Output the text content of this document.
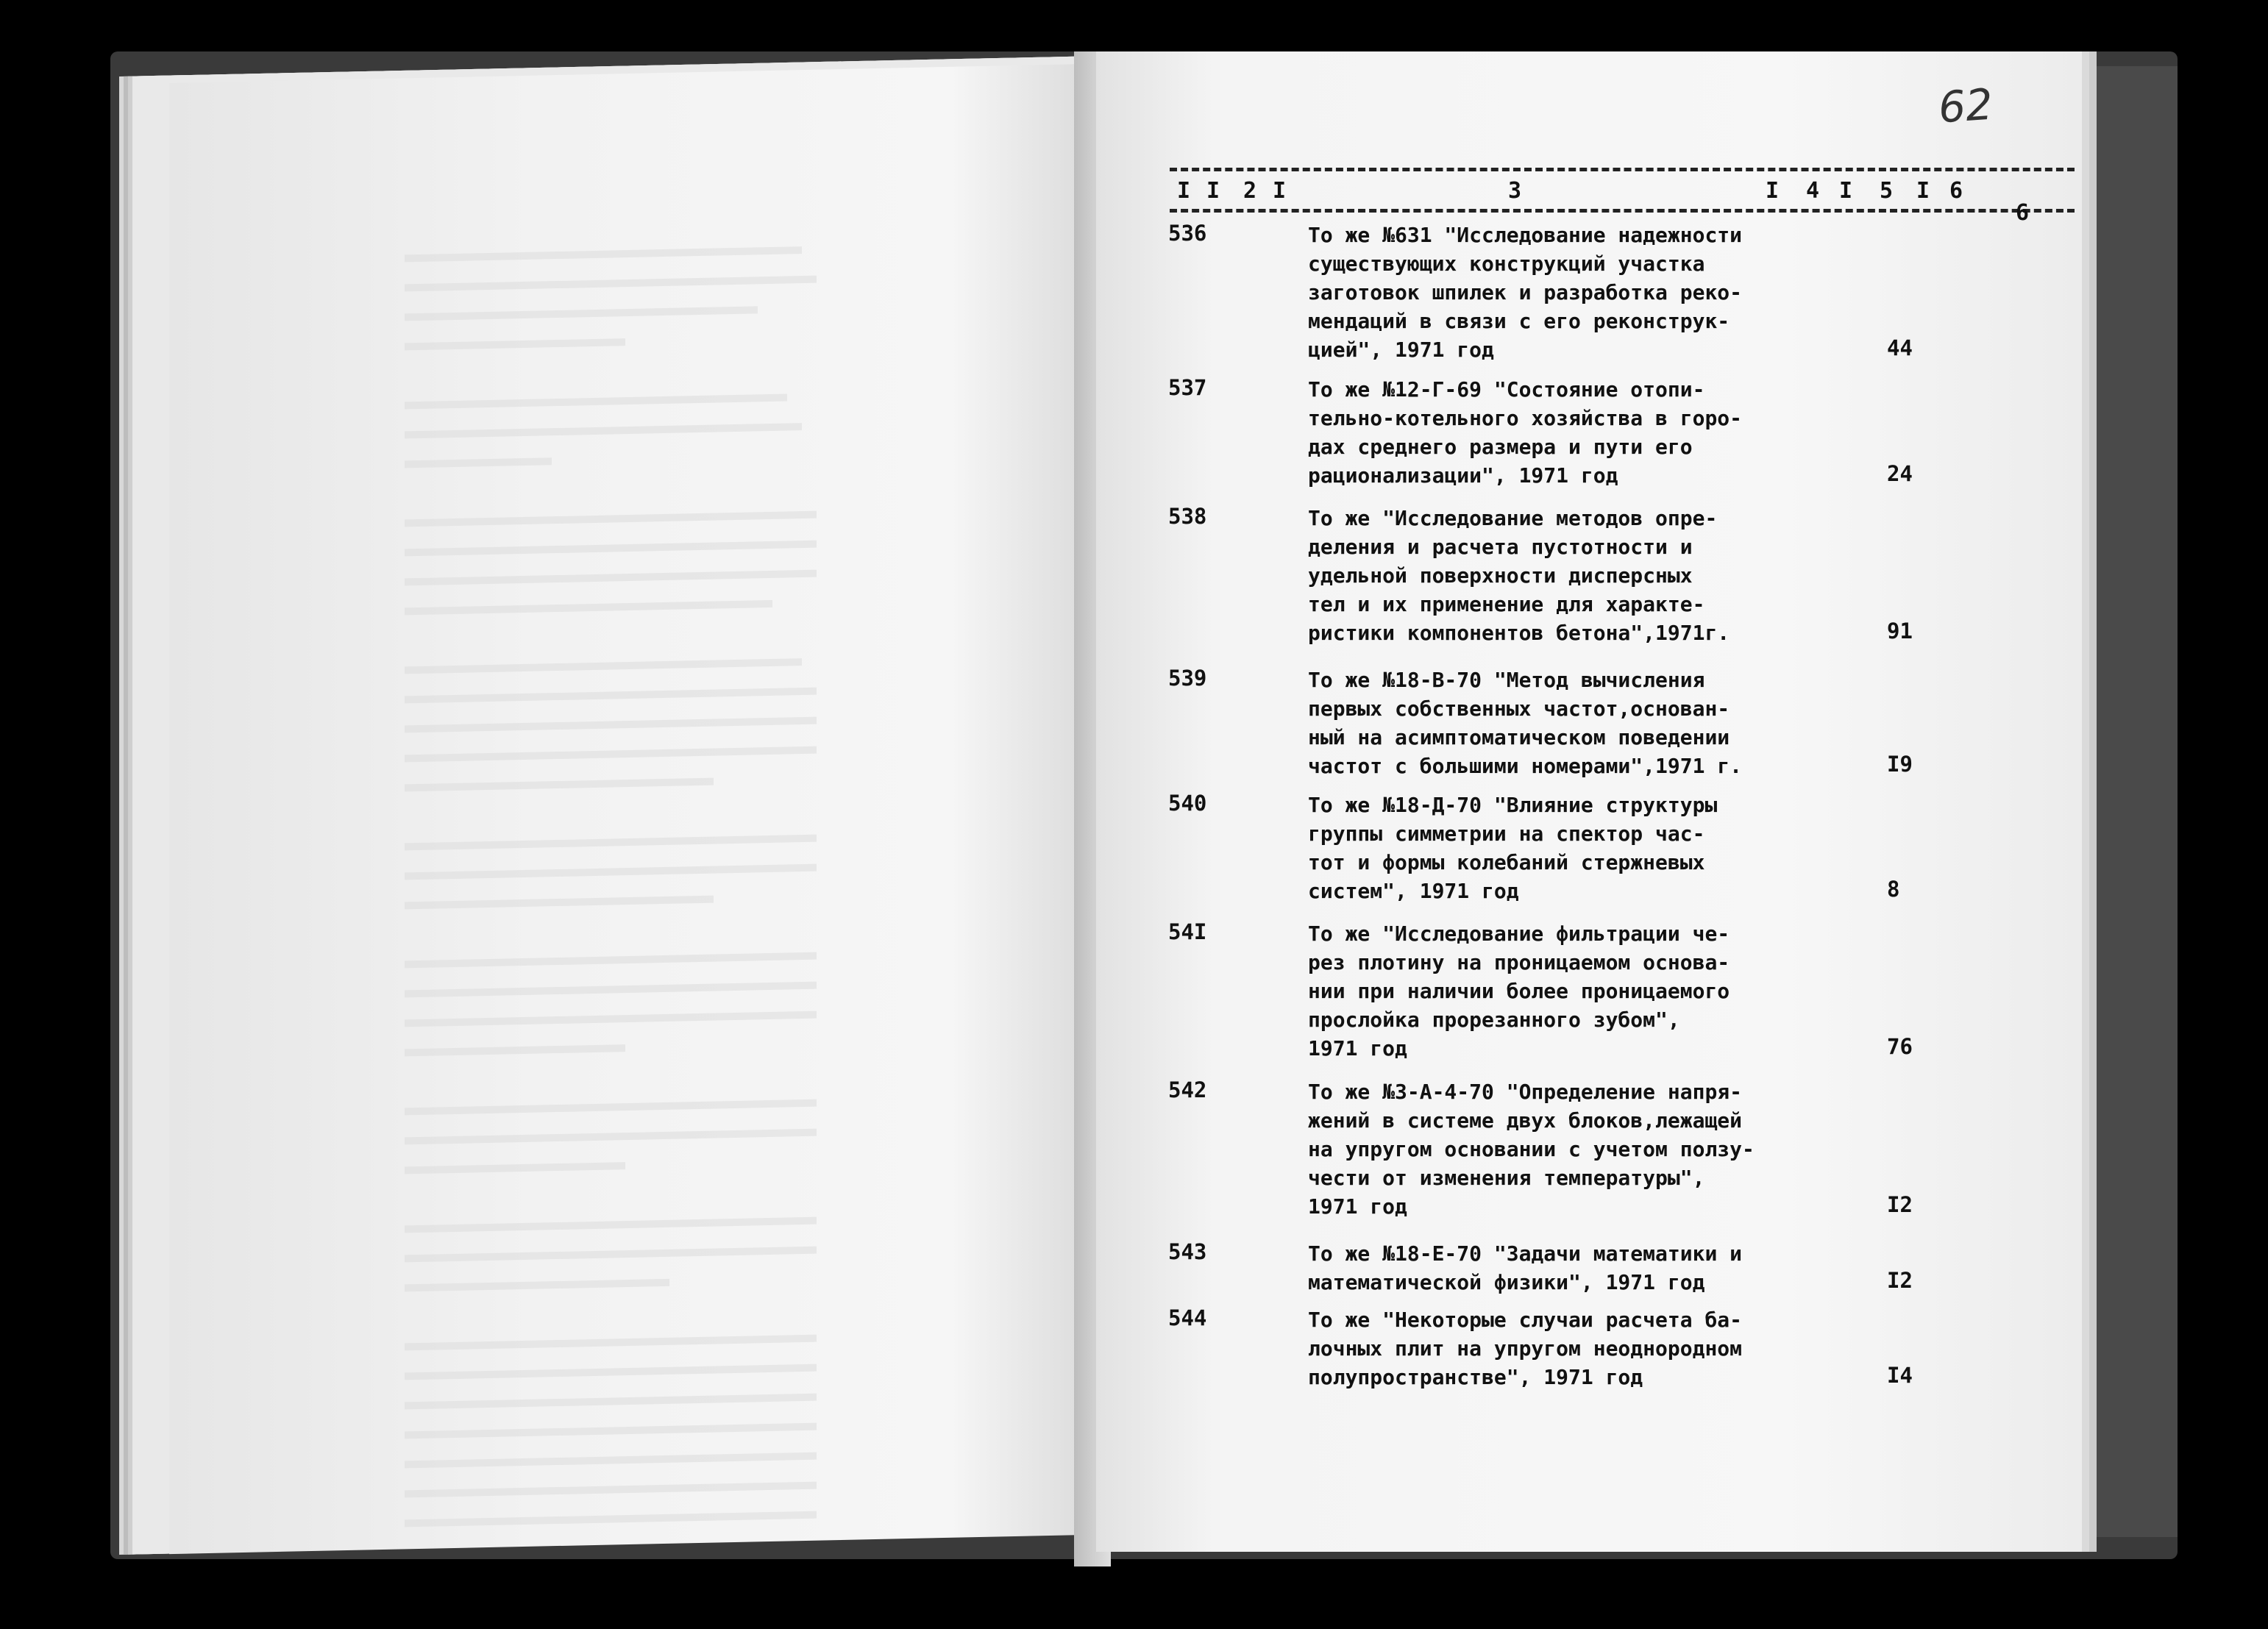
62
I I 2 I	3	I 4 I 5 I 6
6
536	То же №631 "Исследование надежности
существующих конструкций участка
заготовок шпилек и разработка реко-
мендаций в связи с его реконструк-
цией", 1971 год	44
537	То же №12-Г-69 "Состояние отопи-
тельно-котельного хозяйства в горо-
дах среднего размера и пути его
рационализации", 1971 год	24
538	То же "Исследование методов опре-
деления и расчета пустотности и
удельной поверхности дисперсных
тел и их применение для характе-
ристики компонентов бетона",1971г.	91
539	То же №18-В-70 "Метод вычисления
первых собственных частот,основан-
ный на асимптоматическом поведении
частот с большими номерами",1971 г.	I9
540	То же №18-Д-70 "Влияние структуры
группы симметрии на спектор час-
тот и формы колебаний стержневых
систем", 1971 год	8
54I	То же "Исследование фильтрации че-
рез плотину на проницаемом основа-
нии при наличии более проницаемого
прослойка прорезанного зубом",
1971 год	76
542	То же №3-А-4-70 "Определение напря-
жений в системе двух блоков,лежащей
на упругом основании с учетом ползу-
чести от изменения температуры",
1971 год	I2
543	То же №18-Е-70 "Задачи математики и
математической физики", 1971 год	I2
544	То же "Некоторые случаи расчета ба-
лочных плит на упругом неоднородном
полупространстве", 1971 год	I4
